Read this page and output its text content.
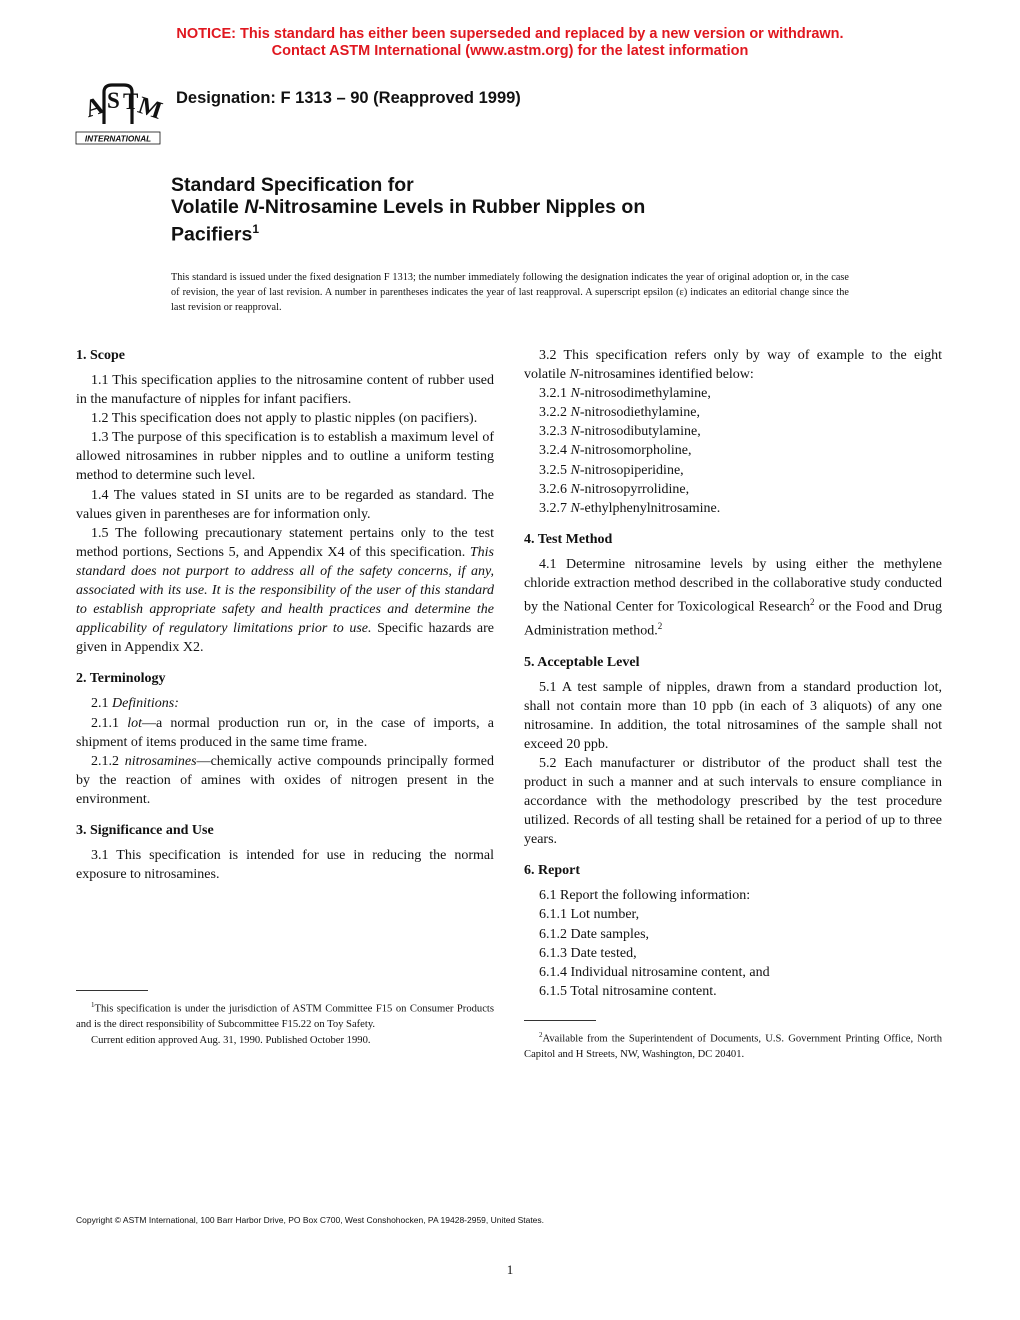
NOTICE: This standard has either been superseded and replaced by a new version or withdrawn.
Contact ASTM International (www.astm.org) for the latest information
A S T
M
INTERNATIONAL
Designation: F 1313 – 90 (Reapproved 1999)
Standard Specification for
Volatile N-Nitrosamine Levels in Rubber Nipples on
Pacifiers$^1$
This standard is issued under the fixed designation F 1313; the number immediately following the designation indicates the year of original adoption or, in the case of revision, the year of last revision. A number in parentheses indicates the year of last reapproval. A superscript epsilon (ε) indicates an editorial change since the last revision or reapproval.
1. Scope

1.1 This specification applies to the nitrosamine content of rubber used in the manufacture of nipples for infant pacifiers.

1.2 This specification does not apply to plastic nipples (on pacifiers).

1.3 The purpose of this specification is to establish a maximum level of allowed nitrosamines in rubber nipples and to outline a uniform testing method to determine such level.

1.4 The values stated in SI units are to be regarded as standard. The values given in parentheses are for information only.

1.5 The following precautionary statement pertains only to the test method portions, Sections 5, and Appendix X4 of this specification. This standard does not purport to address all of the safety concerns, if any, associated with its use. It is the responsibility of the user of this standard to establish appropriate safety and health practices and determine the applicability of regulatory limitations prior to use. Specific hazards are given in Appendix X2.

2. Terminology

2.1 Definitions:

2.1.1 lot—a normal production run or, in the case of imports, a shipment of items produced in the same time frame.

2.1.2 nitrosamines—chemically active compounds principally formed by the reaction of amines with oxides of nitrogen present in the environment.

3. Significance and Use

3.1 This specification is intended for use in reducing the normal exposure to nitrosamines.

3.2 This specification refers only by way of example to the eight volatile N-nitrosamines identified below:

3.2.1 N-nitrosodimethylamine,

3.2.2 N-nitrosodiethylamine,

3.2.3 N-nitrosodibutylamine,

3.2.4 N-nitrosomorpholine,

3.2.5 N-nitrosopiperidine,

3.2.6 N-nitrosopyrrolidine,

3.2.7 N-ethylphenylnitrosamine.

4. Test Method

4.1 Determine nitrosamine levels by using either the methylene chloride extraction method described in the collaborative study conducted by the National Center for Toxicological Research$^2$ or the Food and Drug Administration method.$^2$

5. Acceptable Level

5.1 A test sample of nipples, drawn from a standard production lot, shall not contain more than 10 ppb (in each of 3 aliquots) of any one nitrosamine. In addition, the total nitrosamines of the sample shall not exceed 20 ppb.

5.2 Each manufacturer or distributor of the product shall test the product in such a manner and at such intervals to ensure compliance in accordance with the methodology prescribed by the test procedure utilized. Records of all testing shall be retained for a period of up to three years.

6. Report

6.1 Report the following information:

6.1.1 Lot number,

6.1.2 Date samples,

6.1.3 Date tested,

6.1.4 Individual nitrosamine content, and

6.1.5 Total nitrosamine content.

$^1$This specification is under the jurisdiction of ASTM Committee F15 on Consumer Products and is the direct responsibility of Subcommittee F15.22 on Toy Safety.

Current edition approved Aug. 31, 1990. Published October 1990.	$^2$Available from the Superintendent of Documents, U.S. Government Printing Office, North Capitol and H Streets, NW, Washington, DC 20401.

Copyright © ASTM International, 100 Barr Harbor Drive, PO Box C700, West Conshohocken, PA 19428-2959, United States.
1
